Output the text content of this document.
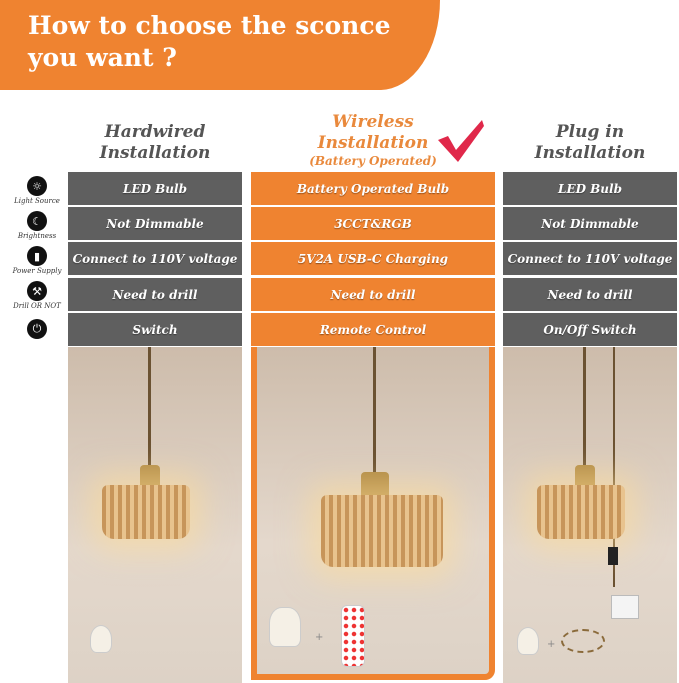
How to choose the sconce
you want ?
Hardwired
Installation
Wireless
Installation
(Battery Operated)
Plug in
Installation
☼
Light Source
☾
Brightness
▮
Power Supply
⚒
Drill OR NOT
⏻
LED Bulb
Not Dimmable
Connect to 110V voltage
Need to drill
Switch
Battery Operated Bulb
3CCT&RGB
5V2A USB-C Charging
Need to drill
Remote Control
LED Bulb
Not Dimmable
Connect to 110V voltage
Need to drill
On/Off Switch
+
+
